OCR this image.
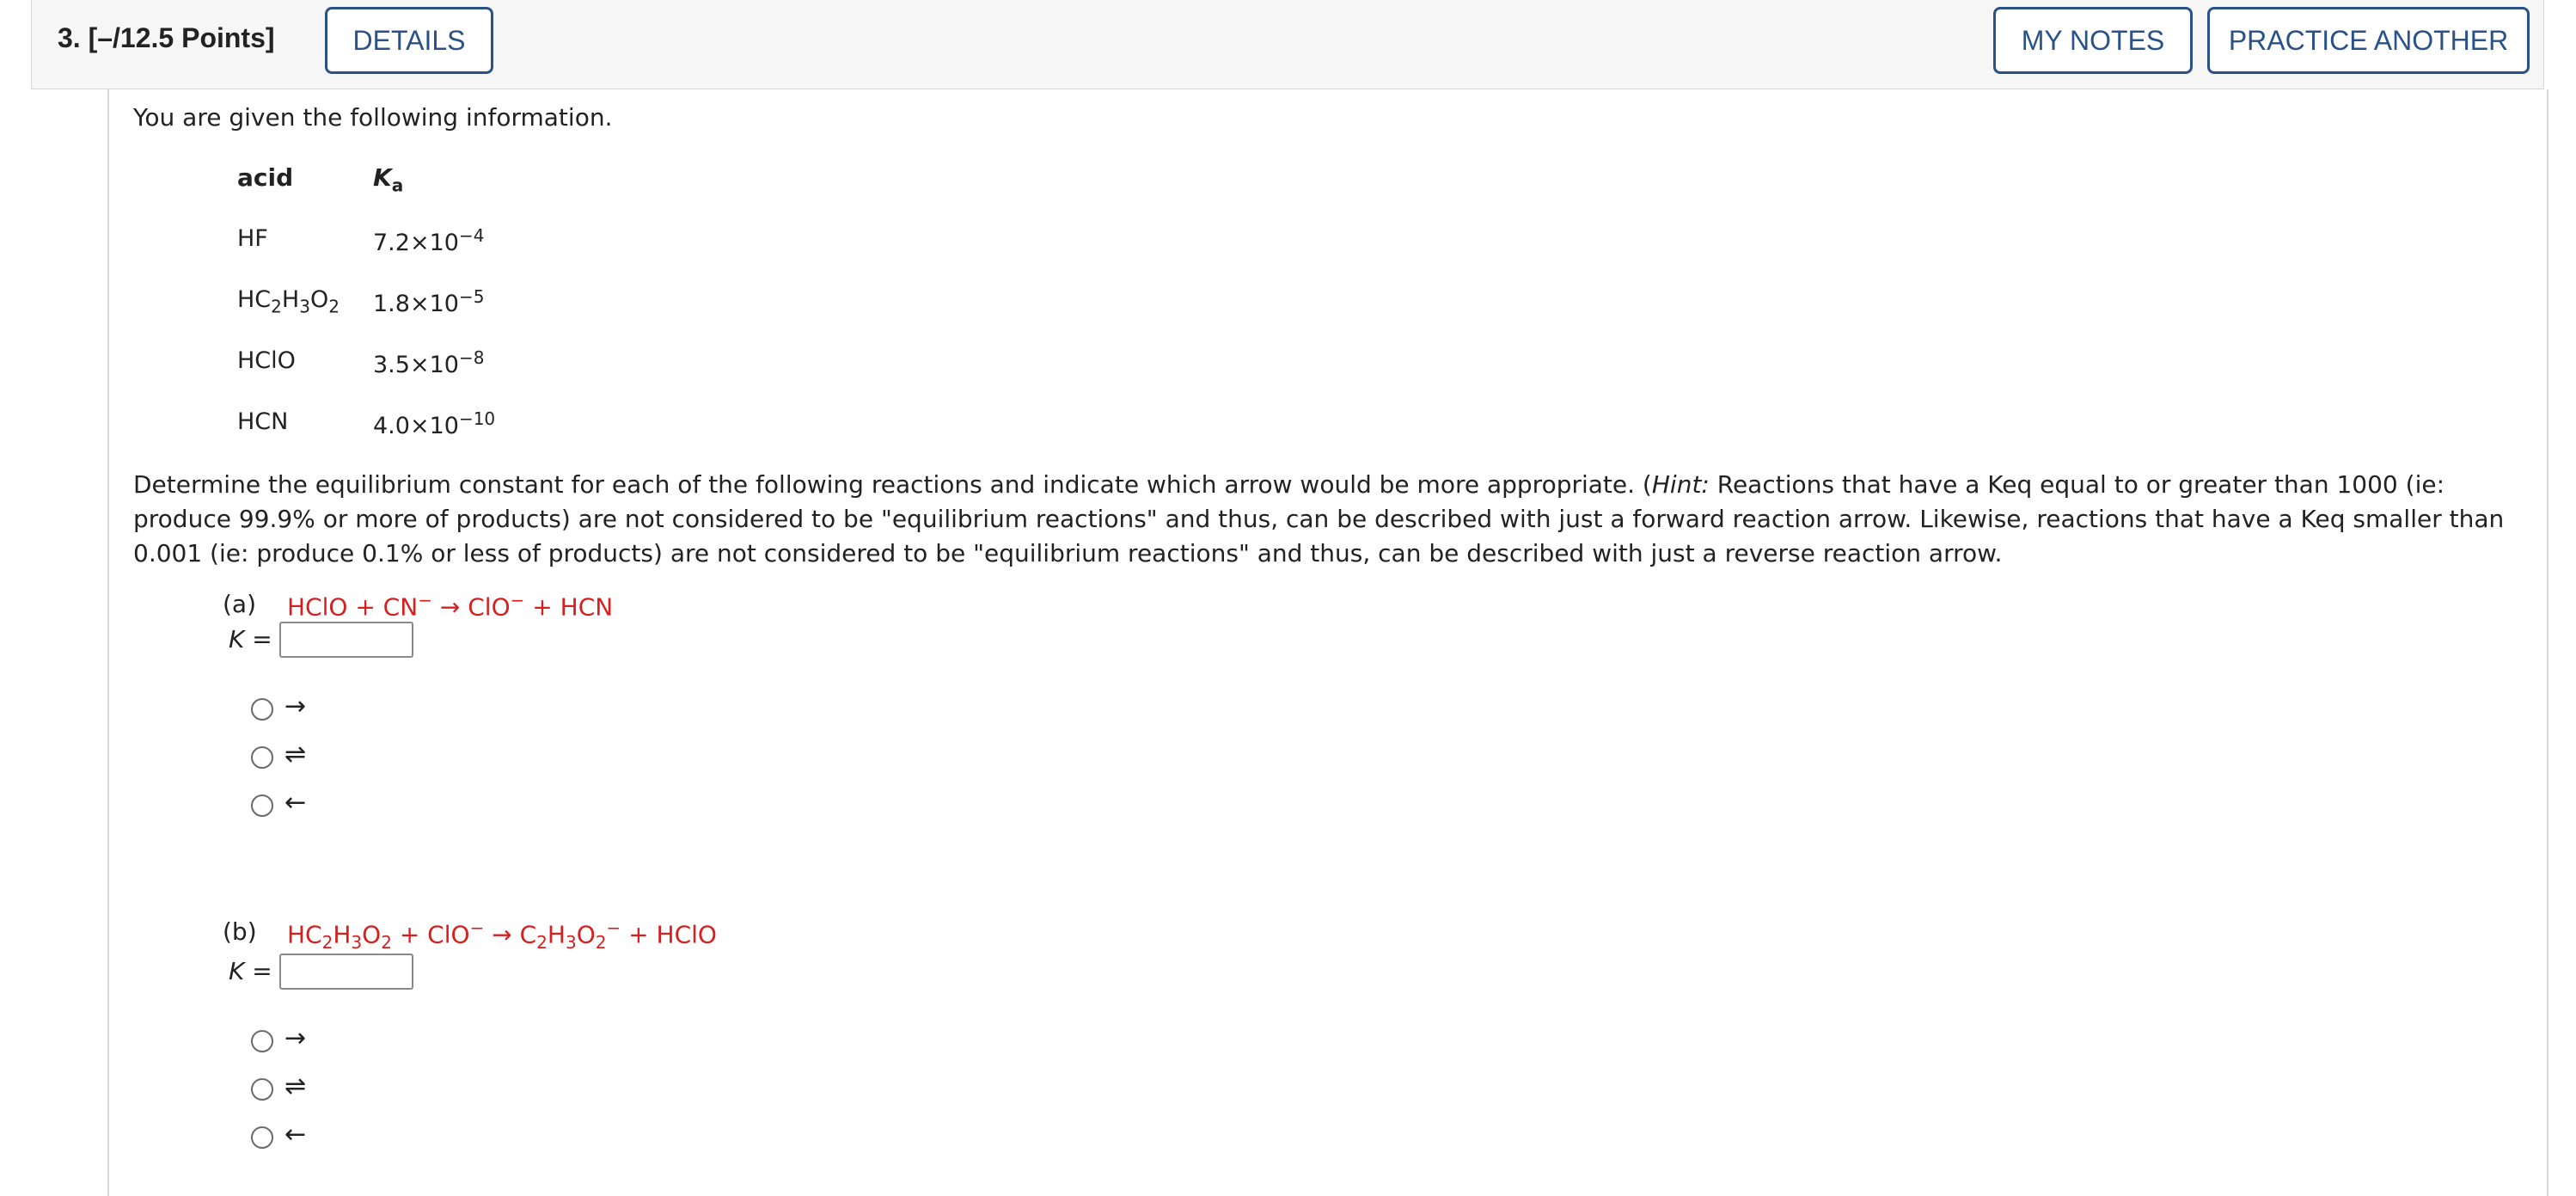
3. [–/12.5 Points]	DETAILS	MY NOTES	PRACTICE ANOTHER
You are given the following information.
acid	$K_a$
HF	$7.2\times 10^{-4}$
$HC_2H_3O_2$ $1.8\times 10^{-5}$
HClO	$3.5\times 10^{-8}$
HCN	$4.0\times 10^{-10}$
Determine the equilibrium constant for each of the following reactions and indicate which arrow would be more appropriate. (Hint: Reactions that have a Keq equal to or greater than 1000 (ie: produce 99.9% or more of products) are not considered to be "equilibrium reactions" and thus, can be described with just a forward reaction arrow. Likewise, reactions that have a Keq smaller than 0.001 (ie: produce 0.1% or less of products) are not considered to be "equilibrium reactions" and thus, can be described with just a reverse reaction arrow.
(a) HClO + CN− → ClO− + HCN
K =
→
⇌
←
(b) $HC_2H_3O_2 + ClO^- \to C_2H_3O_2^-$ + HClO
K =
→
⇌
←
